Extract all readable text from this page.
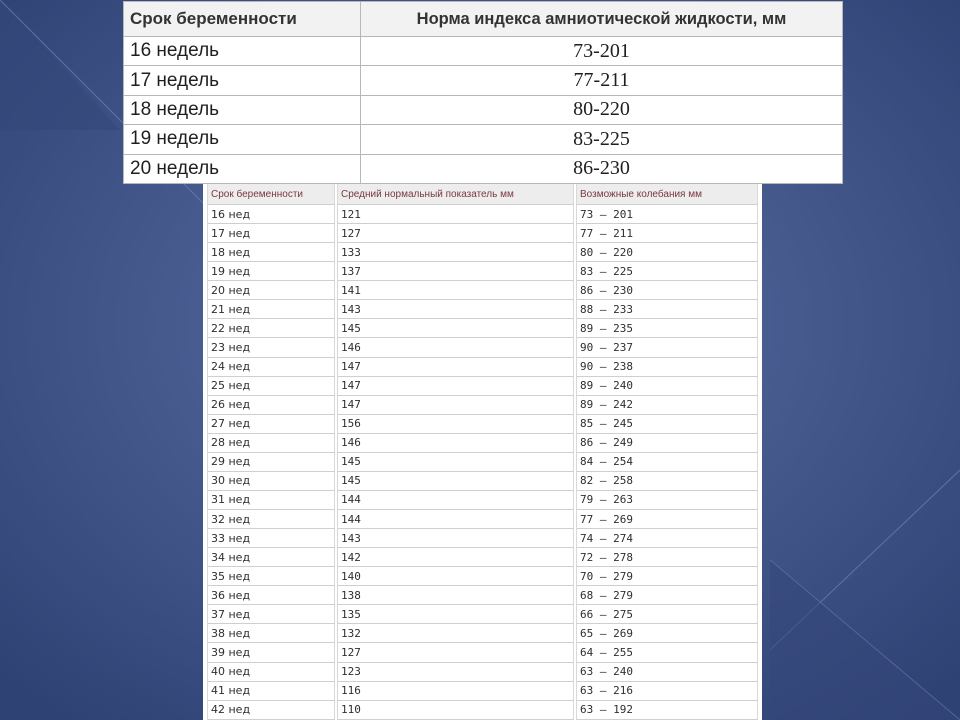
Срок беременности	Норма индекса амниотической жидкости, мм
16 недель	73-201
17 недель	77-211
18 недель	80-220
19 недель	83-225
20 недель	86-230
Срок беременности	Средний нормальный показатель мм	Возможные колебания мм
16 нед	121	73 – 201
17 нед	127	77 – 211
18 нед	133	80 – 220
19 нед	137	83 – 225
20 нед	141	86 – 230
21 нед	143	88 – 233
22 нед	145	89 – 235
23 нед	146	90 – 237
24 нед	147	90 – 238
25 нед	147	89 – 240
26 нед	147	89 – 242
27 нед	156	85 – 245
28 нед	146	86 – 249
29 нед	145	84 – 254
30 нед	145	82 – 258
31 нед	144	79 – 263
32 нед	144	77 – 269
33 нед	143	74 – 274
34 нед	142	72 – 278
35 нед	140	70 – 279
36 нед	138	68 – 279
37 нед	135	66 – 275
38 нед	132	65 – 269
39 нед	127	64 – 255
40 нед	123	63 – 240
41 нед	116	63 – 216
42 нед	110	63 – 192
